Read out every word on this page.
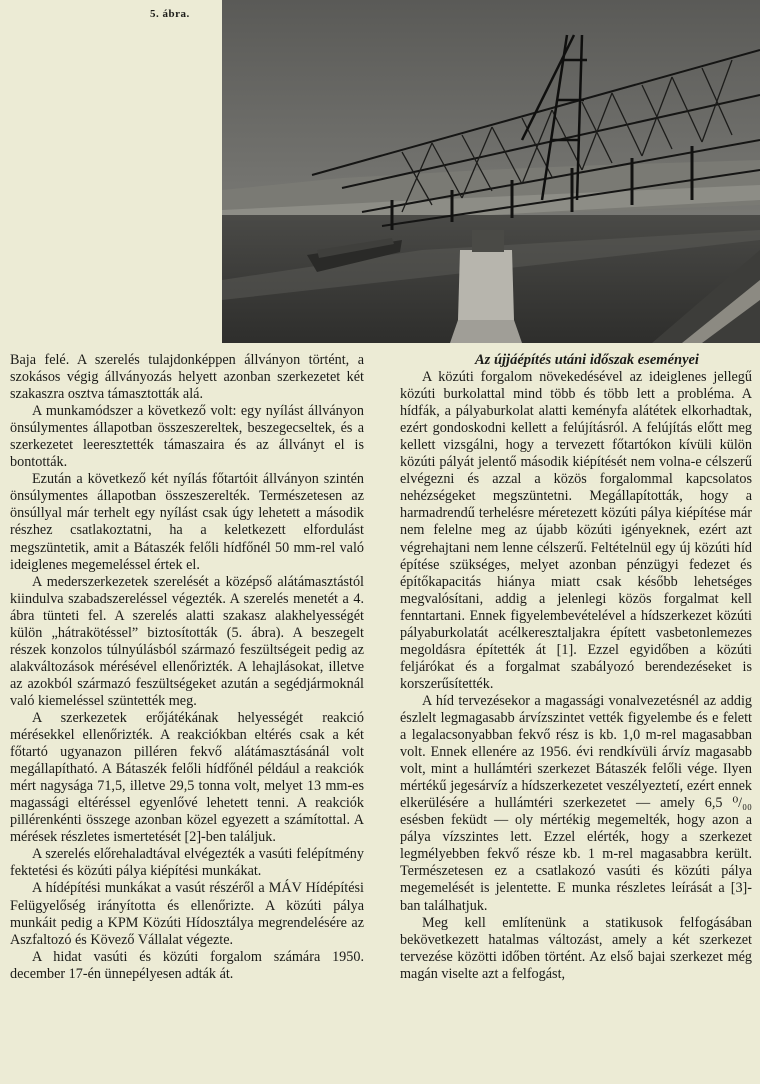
5. ábra.

Baja felé. A szerelés tulajdonképpen állványon történt, a szokásos végig állványozás helyett azonban szerkezetet két szakaszra osztva támasztották alá.

A munkamódszer a következő volt: egy nyílást állványon önsúlymentes állapotban összeszereltek, beszegecseltek, és a szerkezetet leeresztették támaszaira és az állványt el is bontották.

Ezután a következő két nyílás főtartóit állványon szintén önsúlymentes állapotban összeszerelték. Természetesen az önsúllyal már terhelt egy nyílást csak úgy lehetett a második részhez csatlakoztatni, ha a keletkezett elfordulást megszüntetik, amit a Bátaszék felőli hídfőnél 50 mm-rel való ideiglenes megemeléssel értek el.

A mederszerkezetek szerelését a középső alátámasztástól kiindulva szabadszereléssel végezték. A szerelés menetét a 4. ábra tünteti fel. A szerelés alatti szakasz alakhelyességét külön „hátrakötéssel” biztosították (5. ábra). A beszegelt részek konzolos túlnyúlásból származó feszültségeit pedig az alakváltozások mérésével ellenőrizték. A lehajlásokat, illetve az azokból származó feszültségeket azután a segédjármoknál való kiemeléssel szüntették meg.

A szerkezetek erőjátékának helyességét reakció mérésekkel ellenőrizték. A reakciókban eltérés csak a két főtartó ugyanazon pilléren fekvő alátámasztásánál volt megállapítható. A Bátaszék felőli hídfőnél például a reakciók mért nagysága 71,5, illetve 29,5 tonna volt, melyet 13 mm-es magassági eltéréssel egyenlővé lehetett tenni. A reakciók pillérenkénti összege azonban közel egyezett a számítottal. A mérések részletes ismertetését [2]-ben találjuk.

A szerelés előrehaladtával elvégezték a vasúti felépítmény fektetési és közúti pálya kiépítési munkákat.

A hídépítési munkákat a vasút részéről a MÁV Hídépítési Felügyelőség irányította és ellenőrizte. A közúti pálya munkáit pedig a KPM Közúti Hídosztálya megrendelésére az Aszfaltozó és Kövező Vállalat végezte.

A hidat vasúti és közúti forgalom számára 1950. december 17-én ünnepélyesen adták át.

Az újjáépítés utáni időszak eseményei

A közúti forgalom növekedésével az ideiglenes jellegű közúti burkolattal mind több és több lett a probléma. A hídfák, a pályaburkolat alatti keményfa alátétek elkorhadtak, ezért gondoskodni kellett a felújításról. A felújítás előtt meg kellett vizsgálni, hogy a tervezett főtartókon kívüli külön közúti pályát jelentő második kiépítését nem volna-e célszerű elvégezni és azzal a közös forgalommal kapcsolatos nehézségeket megszüntetni. Megállapították, hogy a harmadrendű terhelésre méretezett közúti pálya kiépítése már nem felelne meg az újabb közúti igényeknek, ezért azt végrehajtani nem lenne célszerű. Feltételnül egy új közúti híd építése szükséges, melyet azonban pénzügyi fedezet és építőkapacitás hiánya miatt csak később lehetséges megvalósítani, addig a jelenlegi közös forgalmat kell fenntartani. Ennek figyelembevételével a hídszerkezet közúti pályaburkolatát acélkeresztaljakra épített vasbetonlemezes megoldásra építették át [1]. Ezzel egyidőben a közúti feljárókat és a forgalmat szabályozó berendezéseket is korszerűsítették.

A híd tervezésekor a magassági vonalvezetésnél az addig észlelt legmagasabb árvízszintet vették figyelembe és e felett a legalacsonyabban fekvő rész is kb. 1,0 m-rel magasabban volt. Ennek ellenére az 1956. évi rendkívüli árvíz magasabb volt, mint a hullámtéri szerkezet Bátaszék felőli vége. Ilyen mértékű jegesárvíz a hídszerkezetet veszélyeztetí, ezért ennek elkerülésére a hullámtéri szerkezetet — amely 6,5 ⁰/₀₀ esésben feküdt — oly mértékig megemelték, hogy azon a pálya vízszintes lett. Ezzel elérték, hogy a szerkezet legmélyebben fekvő része kb. 1 m-rel magasabbra került. Természetesen ez a csatlakozó vasúti és közúti pálya megemelését is jelentette. E munka részletes leírását a [3]-ban találhatjuk.

Meg kell említenünk a statikusok felfogásában bekövetkezett hatalmas változást, amely a két szerkezet tervezése közötti időben történt. Az első bajai szerkezet még magán viselte azt a felfogást,
